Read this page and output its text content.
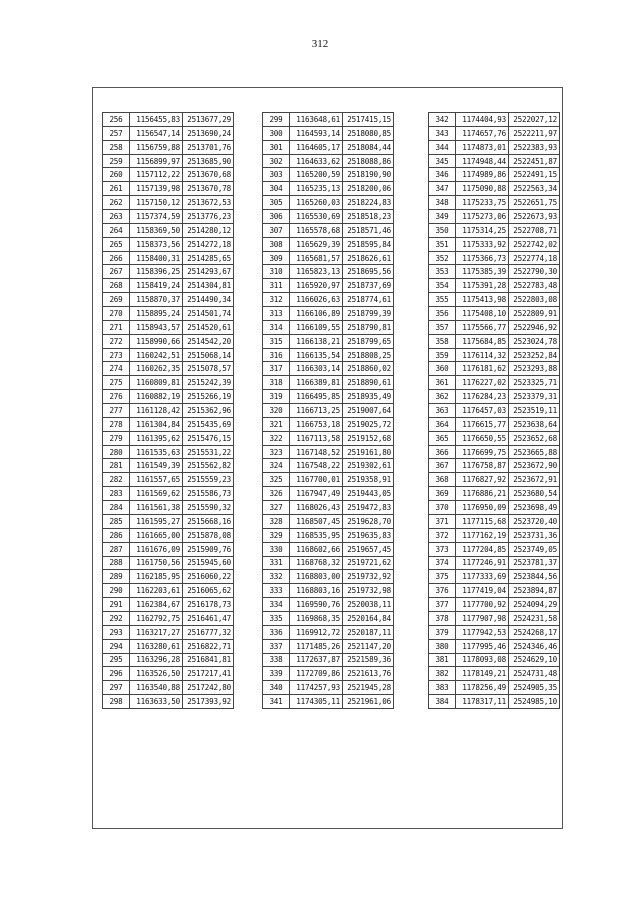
312
256	1156455,83	2513677,29
257	1156547,14	2513690,24
258	1156759,88	2513701,76
259	1156899,97	2513685,90
260	1157112,22	2513670,68
261	1157139,98	2513670,78
262	1157150,12	2513672,53
263	1157374,59	2513776,23
264	1158369,50	2514280,12
265	1158373,56	2514272,18
266	1158400,31	2514285,65
267	1158396,25	2514293,67
268	1158419,24	2514304,81
269	1158870,37	2514490,34
270	1158895,24	2514501,74
271	1158943,57	2514520,61
272	1158990,66	2514542,20
273	1160242,51	2515068,14
274	1160262,35	2515078,57
275	1160809,81	2515242,39
276	1160882,19	2515266,19
277	1161128,42	2515362,96
278	1161304,84	2515435,69
279	1161395,62	2515476,15
280	1161535,63	2515531,22
281	1161549,39	2515562,82
282	1161557,65	2515559,23
283	1161569,62	2515586,73
284	1161561,38	2515590,32
285	1161595,27	2515668,16
286	1161665,00	2515878,08
287	1161676,09	2515909,76
288	1161750,56	2515945,60
289	1162185,95	2516060,22
290	1162203,61	2516065,62
291	1162384,67	2516178,73
292	1162792,75	2516461,47
293	1163217,27	2516777,32
294	1163280,61	2516822,71
295	1163296,28	2516841,81
296	1163526,50	2517217,41
297	1163540,88	2517242,80
298	1163633,50	2517393,92
299	1163648,61	2517415,15
300	1164593,14	2518080,85
301	1164605,17	2518084,44
302	1164633,62	2518088,86
303	1165200,59	2518190,90
304	1165235,13	2518200,06
305	1165260,03	2518224,83
306	1165530,69	2518518,23
307	1165578,68	2518571,46
308	1165629,39	2518595,84
309	1165681,57	2518626,61
310	1165823,13	2518695,56
311	1165920,97	2518737,69
312	1166026,63	2518774,61
313	1166106,89	2518799,39
314	1166109,55	2518790,81
315	1166138,21	2518799,65
316	1166135,54	2518808,25
317	1166303,14	2518860,02
318	1166389,81	2518890,61
319	1166495,85	2518935,49
320	1166713,25	2519007,64
321	1166753,18	2519025,72
322	1167113,58	2519152,68
323	1167148,52	2519161,80
324	1167548,22	2519302,61
325	1167700,01	2519358,91
326	1167947,49	2519443,05
327	1168026,43	2519472,83
328	1168507,45	2519628,70
329	1168535,95	2519635,83
330	1168602,66	2519657,45
331	1168768,32	2519721,62
332	1168803,00	2519732,92
333	1168803,16	2519732,98
334	1169590,76	2520038,11
335	1169868,35	2520164,84
336	1169912,72	2520187,11
337	1171485,26	2521147,20
338	1172637,87	2521589,36
339	1172709,86	2521613,76
340	1174257,93	2521945,28
341	1174305,11	2521961,06
342	1174404,93	2522027,12
343	1174657,76	2522211,97
344	1174873,01	2522383,93
345	1174948,44	2522451,87
346	1174989,86	2522491,15
347	1175090,88	2522563,34
348	1175233,75	2522651,75
349	1175273,06	2522673,93
350	1175314,25	2522708,71
351	1175333,92	2522742,02
352	1175366,73	2522774,18
353	1175385,39	2522790,30
354	1175391,28	2522783,48
355	1175413,98	2522803,08
356	1175408,10	2522809,91
357	1175566,77	2522946,92
358	1175684,85	2523024,78
359	1176114,32	2523252,84
360	1176181,62	2523293,88
361	1176227,02	2523325,71
362	1176284,23	2523379,31
363	1176457,03	2523519,11
364	1176615,77	2523638,64
365	1176650,55	2523652,68
366	1176699,75	2523665,88
367	1176758,87	2523672,90
368	1176827,92	2523672,91
369	1176886,21	2523680,54
370	1176950,09	2523698,49
371	1177115,68	2523720,40
372	1177162,19	2523731,36
373	1177204,85	2523749,05
374	1177246,91	2523781,37
375	1177333,69	2523844,56
376	1177419,04	2523894,87
377	1177700,92	2524094,29
378	1177907,98	2524231,58
379	1177942,53	2524268,17
380	1177995,46	2524346,46
381	1178093,08	2524629,10
382	1178149,21	2524731,48
383	1178256,49	2524905,35
384	1178317,11	2524985,10
